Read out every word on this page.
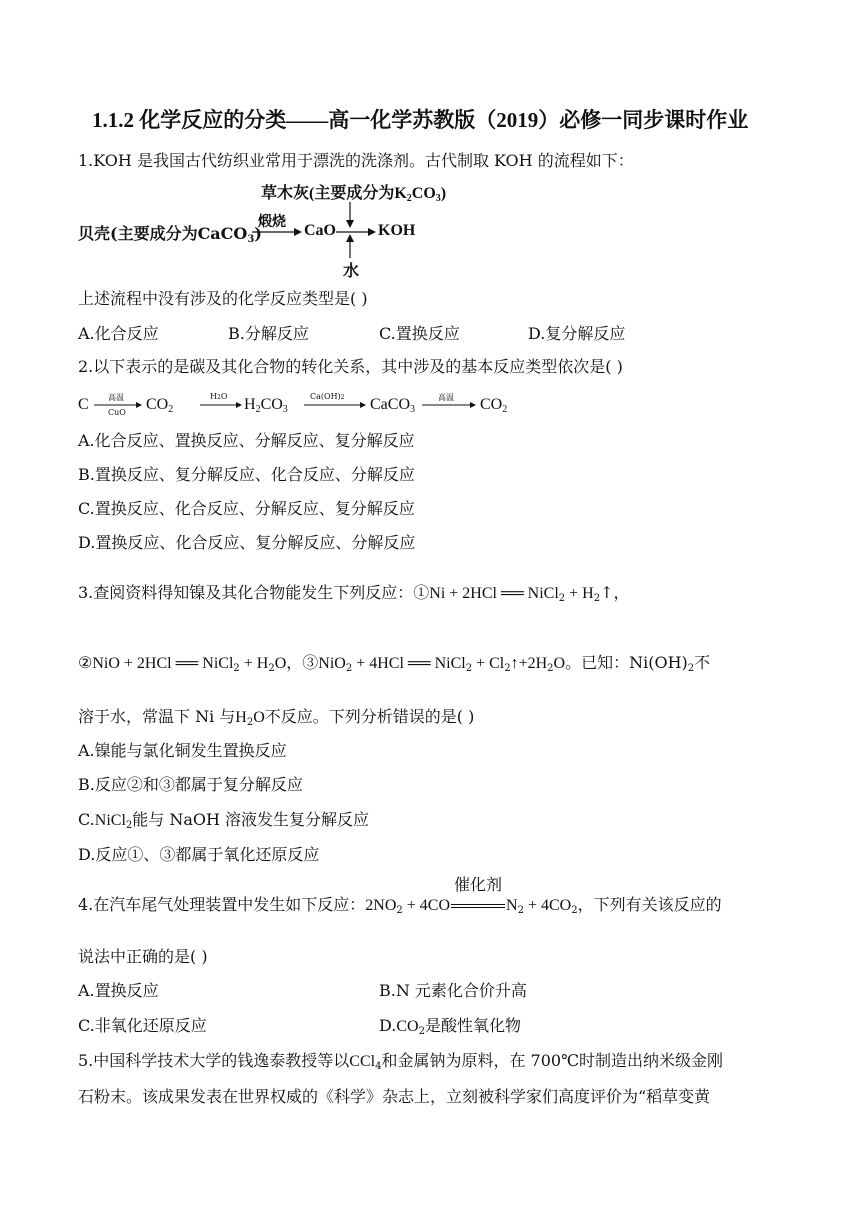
1.1.2 化学反应的分类——高一化学苏教版（2019）必修一同步课时作业
1.KOH 是我国古代纺织业常用于漂洗的洗涤剂。古代制取 KOH 的流程如下：
草木灰(主要成分为$K_2CO_3$)
贝壳(主要成分为CaCO$_3$)
煅烧 CaO	KOH
水
上述流程中没有涉及的化学反应类型是( )
A.化合反应	B.分解反应	C.置换反应	D.复分解反应
2.以下表示的是碳及其化合物的转化关系，其中涉及的基本反应类型依次是( )
C 高温
CuO $CO_2$
H2O $H_2CO_3$
Ca(OH)2 CaCO$_3$
高温 $CO_2$
A.化合反应、置换反应、分解反应、复分解反应
B.置换反应、复分解反应、化合反应、分解反应
C.置换反应、化合反应、分解反应、复分解反应
D.置换反应、化合反应、复分解反应、分解反应
3.查阅资料得知镍及其化合物能发生下列反应：①Ni + 2HCl ══ NiCl$_2$ + $H_2↑$，
②NiO + 2HCl ══ NiCl$_2$ + $H_2O$，③NiO$_2$ + 4HCl ══ NiCl$_2$ + $Cl_2↑+2H_2O$。已知：$Ni(OH)_2$不
溶于水，常温下 Ni 与$H_2O$不反应。下列分析错误的是( )
A.镍能与氯化铜发生置换反应
B.反应②和③都属于复分解反应
C.NiCl$_2$能与 NaOH 溶液发生复分解反应
D.反应①、③都属于氧化还原反应
4.在汽车尾气处理装置中发生如下反应：$2NO_2 + 4CO$
催化剂
$N_2 + 4CO_2$，下列有关该反应的
说法中正确的是( )
A.置换反应	B.N 元素化合价升高
C.非氧化还原反应	$D.CO_2$是酸性氧化物
5.中国科学技术大学的钱逸泰教授等以CCl$_4$和金属钠为原料，在 700℃时制造出纳米级金刚
石粉末。该成果发表在世界权威的《科学》杂志上，立刻被科学家们高度评价为“稻草变黄
